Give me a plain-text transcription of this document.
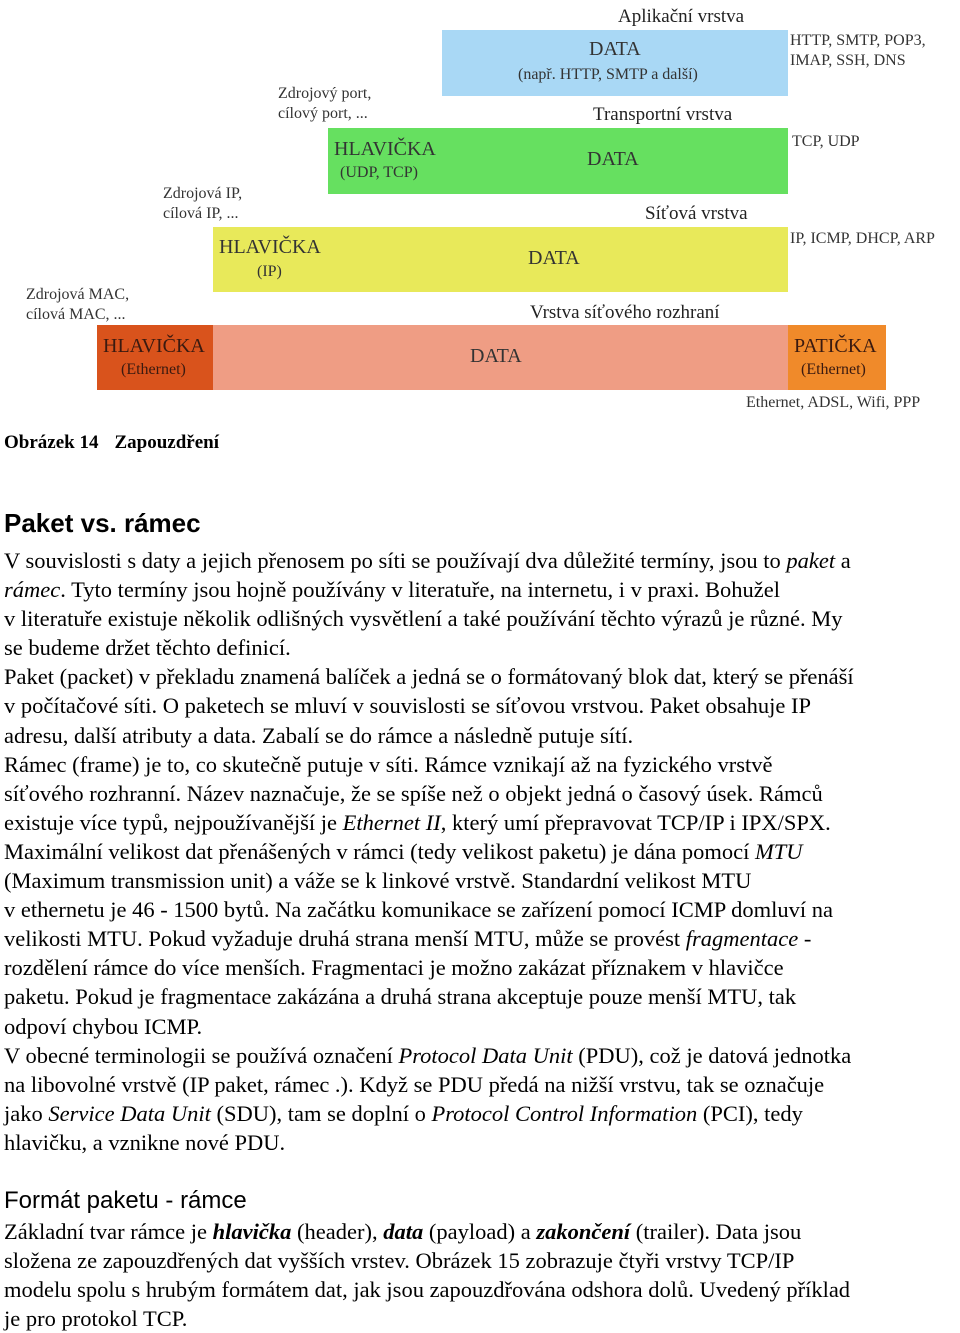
Aplikační vrstva
DATA
(např. HTTP, SMTP a další)
HTTP, SMTP, POP3,
IMAP, SSH, DNS
Transportní vrstva
Zdrojový port,
cílový port, ...
HLAVIČKA
(UDP, TCP)
DATA
TCP, UDP
Síťová vrstva
Zdrojová IP,
cílová IP, ...
HLAVIČKA
(IP)
DATA
IP, ICMP, DHCP, ARP
Vrstva síťového rozhraní
Zdrojová MAC,
cílová MAC, ...
HLAVIČKA
(Ethernet)
DATA	PATIČKA
(Ethernet)
Ethernet, ADSL, Wifi, PPP
Obrázek 14 Zapouzdření
Paket vs. rámec

V souvislosti s daty a jejich přenosem po síti se používají dva důležité termíny, jsou to paket a

rámec. Tyto termíny jsou hojně používány v literatuře, na internetu, i v praxi. Bohužel

v literatuře existuje několik odlišných vysvětlení a také používání těchto výrazů je různé. My

se budeme držet těchto definicí.

Paket (packet) v překladu znamená balíček a jedná se o formátovaný blok dat, který se přenáší

v počítačové síti. O paketech se mluví v souvislosti se síťovou vrstvou. Paket obsahuje IP

adresu, další atributy a data. Zabalí se do rámce a následně putuje sítí.

Rámec (frame) je to, co skutečně putuje v síti. Rámce vznikají až na fyzického vrstvě

síťového rozhranní. Název naznačuje, že se spíše než o objekt jedná o časový úsek. Rámců

existuje více typů, nejpoužívanější je Ethernet II, který umí přepravovat TCP/IP i IPX/SPX.

Maximální velikost dat přenášených v rámci (tedy velikost paketu) je dána pomocí MTU

(Maximum transmission unit) a váže se k linkové vrstvě. Standardní velikost MTU

v ethernetu je 46 - 1500 bytů. Na začátku komunikace se zařízení pomocí ICMP domluví na

velikosti MTU. Pokud vyžaduje druhá strana menší MTU, může se provést fragmentace -

rozdělení rámce do více menších. Fragmentaci je možno zakázat příznakem v hlavičce

paketu. Pokud je fragmentace zakázána a druhá strana akceptuje pouze menší MTU, tak

odpoví chybou ICMP.

V obecné terminologii se používá označení Protocol Data Unit (PDU), což je datová jednotka

na libovolné vrstvě (IP paket, rámec .). Když se PDU předá na nižší vrstvu, tak se označuje

jako Service Data Unit (SDU), tam se doplní o Protocol Control Information (PCI), tedy

hlavičku, a vznikne nové PDU.

Formát paketu - rámce

Základní tvar rámce je hlavička (header), data (payload) a zakončení (trailer). Data jsou

složena ze zapouzdřených dat vyšších vrstev. Obrázek 15 zobrazuje čtyři vrstvy TCP/IP

modelu spolu s hrubým formátem dat, jak jsou zapouzdřována odshora dolů. Uvedený příklad

je pro protokol TCP.
